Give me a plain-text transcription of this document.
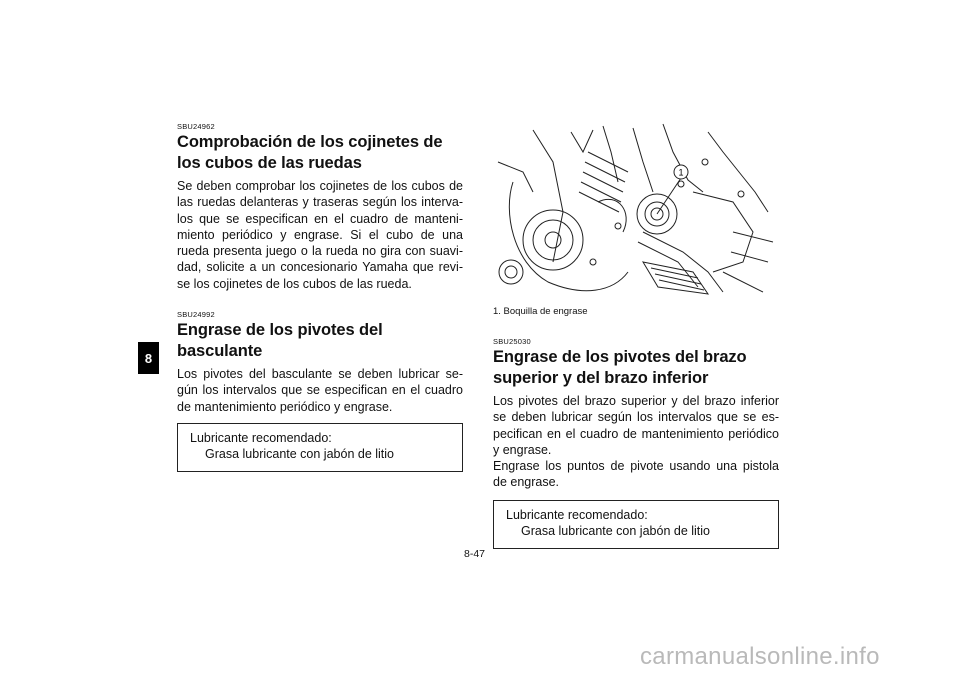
8
SBU24962
Comprobación de los cojinetes de los cubos de las ruedas

Se deben comprobar los cojinetes de los cubos de las ruedas delanteras y traseras según los interva-los que se especifican en el cuadro de manteni-miento periódico y engrase. Si el cubo de una rueda presenta juego o la rueda no gira con suavi-dad, solicite a un concesionario Yamaha que revi-se los cojinetes de los cubos de las rueda.

SBU24992
Engrase de los pivotes del basculante

Los pivotes del basculante se deben lubricar se-gún los intervalos que se especifican en el cuadro de mantenimiento periódico y engrase.

Lubricante recomendado:
Grasa lubricante con jabón de litio
1
1. Boquilla de engrase
SBU25030
Engrase de los pivotes del brazo superior y del brazo inferior

Los pivotes del brazo superior y del brazo inferior se deben lubricar según los intervalos que se es-pecifican en el cuadro de mantenimiento periódico y engrase.

Engrase los puntos de pivote usando una pistola de engrase.

Lubricante recomendado:
Grasa lubricante con jabón de litio
8-47
carmanualsonline.info
